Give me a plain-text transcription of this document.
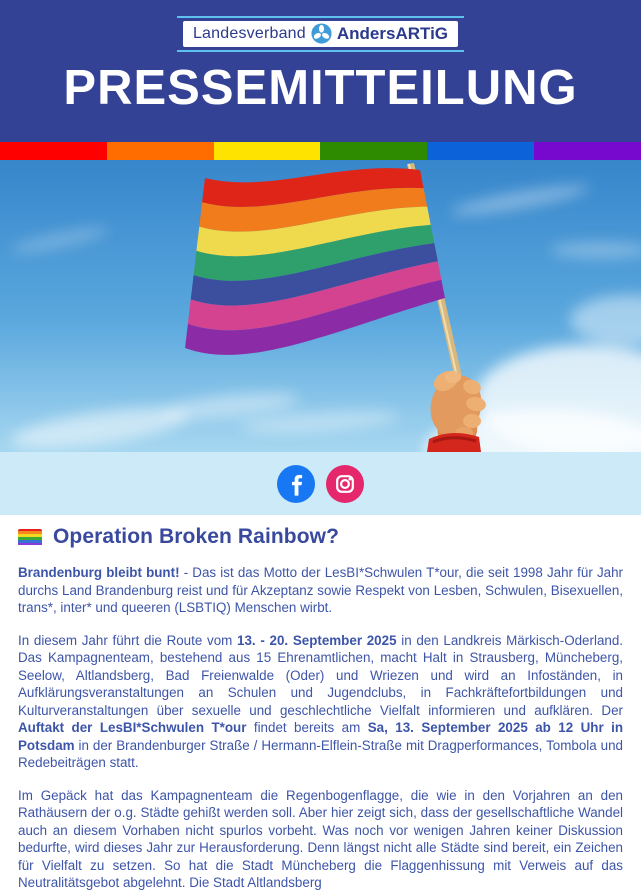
Landesverband AndersARTiG
PRESSEMITTEILUNG
Operation Broken Rainbow?

Brandenburg bleibt bunt! - Das ist das Motto der LesBI*Schwulen T*our, die seit 1998 Jahr für Jahr durchs Land Brandenburg reist und für Akzeptanz sowie Respekt von Lesben, Schwulen, Bisexuellen, trans*, inter* und queeren (LSBTIQ) Menschen wirbt.

In diesem Jahr führt die Route vom 13. - 20. September 2025 in den Landkreis Märkisch-Oderland. Das Kampagnenteam, bestehend aus 15 Ehrenamtlichen, macht Halt in Strausberg, Müncheberg, Seelow, Altlandsberg, Bad Freienwalde (Oder) und Wriezen und wird an Infoständen, in Aufklärungsveranstaltungen an Schulen und Jugendclubs, in Fachkräftefortbildungen und Kulturveranstaltungen über sexuelle und geschlechtliche Vielfalt informieren und aufklären. Der Auftakt der LesBI*Schwulen T*our findet bereits am Sa, 13. September 2025 ab 12 Uhr in Potsdam in der Brandenburger Straße / Hermann-Elflein-Straße mit Dragperformances, Tombola und Redebeiträgen statt.

Im Gepäck hat das Kampagnenteam die Regenbogenflagge, die wie in den Vorjahren an den Rathäusern der o.g. Städte gehißt werden soll. Aber hier zeigt sich, dass der gesellschaftliche Wandel auch an diesem Vorhaben nicht spurlos vorbeht. Was noch vor wenigen Jahren keiner Diskussion bedurfte, wird dieses Jahr zur Herausforderung. Denn längst nicht alle Städte sind bereit, ein Zeichen für Vielfalt zu setzen. So hat die Stadt Müncheberg die Flaggenhissung mit Verweis auf das Neutralitätsgebot abgelehnt. Die Stadt Altlandsberg
